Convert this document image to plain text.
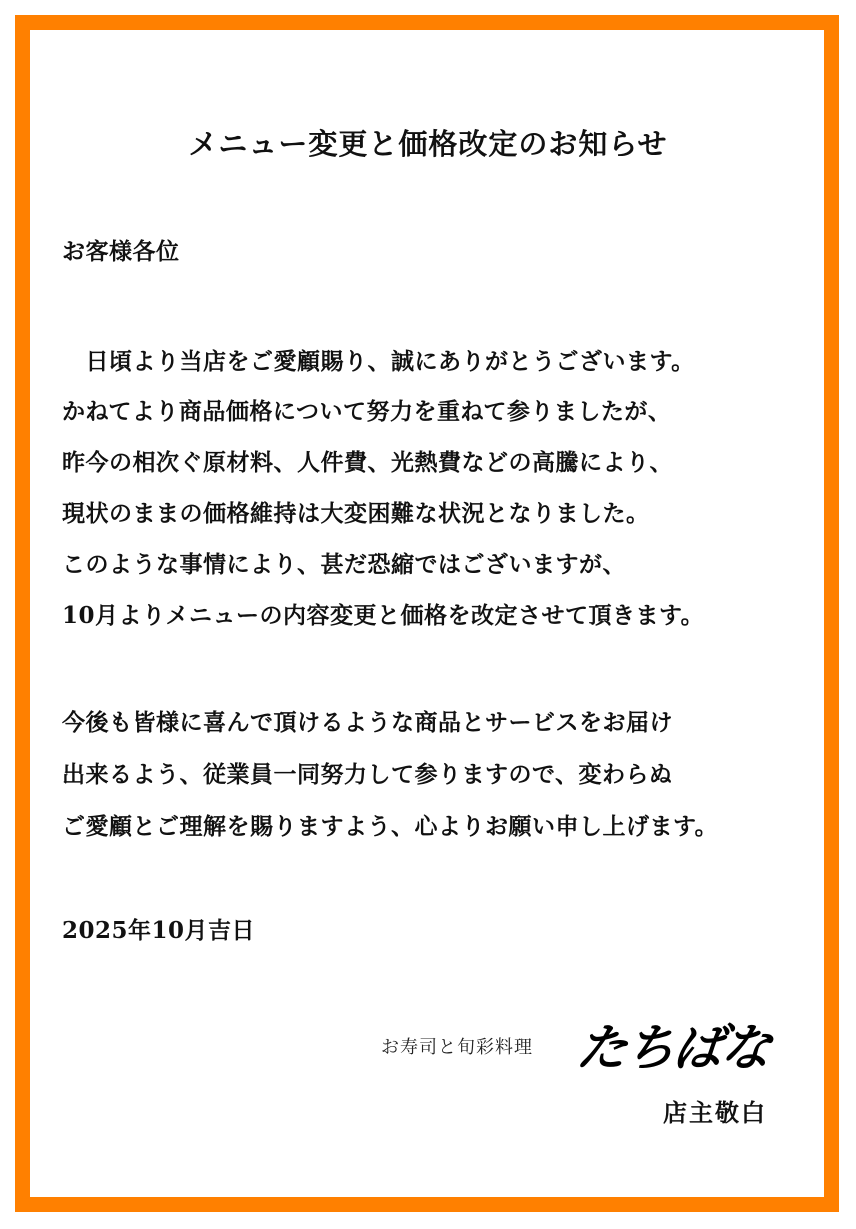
メニュー変更と価格改定のお知らせ
お客様各位
　日頃より当店をご愛顧賜り、誠にありがとうございます。
かねてより商品価格について努力を重ねて参りましたが、
昨今の相次ぐ原材料、人件費、光熱費などの高騰により、
現状のままの価格維持は大変困難な状況となりました。
このような事情により、甚だ恐縮ではございますが、
10月よりメニューの内容変更と価格を改定させて頂きます。
今後も皆様に喜んで頂けるような商品とサービスをお届け
出来るよう、従業員一同努力して参りますので、変わらぬ
ご愛顧とご理解を賜りますよう、心よりお願い申し上げます。
2025年10月吉日
お寿司と旬彩料理 たちばな
店主敬白
